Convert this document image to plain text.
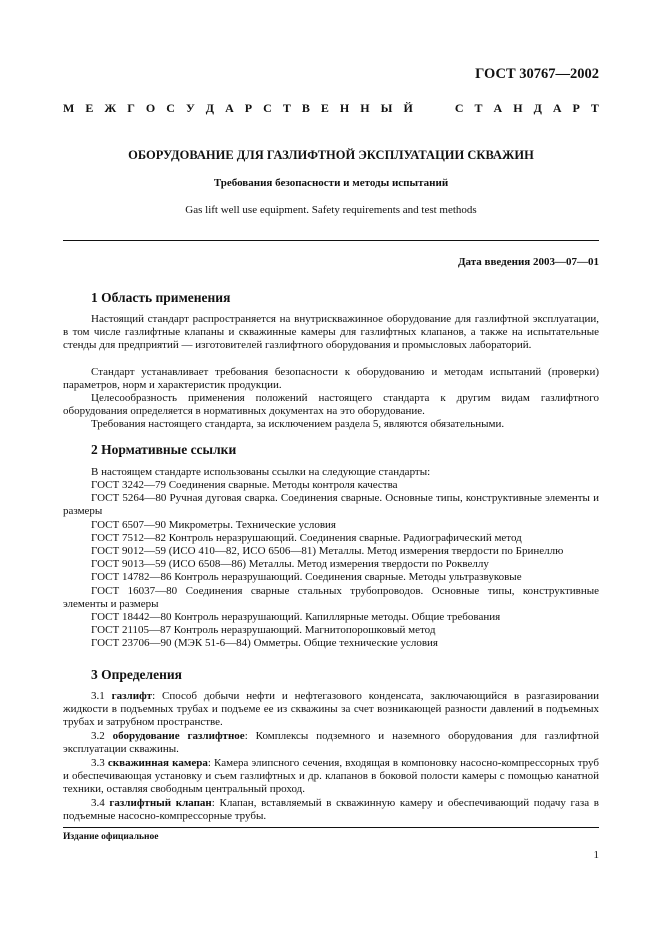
ГОСТ 30767—2002
М Е Ж Г О С У Д А Р С Т В Е Н Н Ы Й
	С Т А Н Д А Р Т
ОБОРУДОВАНИЕ ДЛЯ ГАЗЛИФТНОЙ ЭКСПЛУАТАЦИИ СКВАЖИН
Требования безопасности и методы испытаний
Gas lift well use equipment. Safety requirements and test methods
Дата введения 2003—07—01
1 Область применения

Настоящий стандарт распространяется на внутрискважинное оборудование для газлифтной эксплуатации, в том числе газлифтные клапаны и скважинные камеры для газлифтных клапанов, а также на испытательные стенды для предприятий — изготовителей газлифтного оборудования и промысловых лабораторий.

Стандарт устанавливает требования безопасности к оборудованию и методам испытаний (проверки) параметров, норм и характеристик продукции.

Целесообразность применения положений настоящего стандарта к другим видам газлифтного оборудования определяется в нормативных документах на это оборудование.

Требования настоящего стандарта, за исключением раздела 5, являются обязательными.

2 Нормативные ссылки

В настоящем стандарте использованы ссылки на следующие стандарты:

ГОСТ 3242—79 Соединения сварные. Методы контроля качества

ГОСТ 5264—80 Ручная дуговая сварка. Соединения сварные. Основные типы, конструктивные элементы и размеры

ГОСТ 6507—90 Микрометры. Технические условия

ГОСТ 7512—82 Контроль неразрушающий. Соединения сварные. Радиографический метод

ГОСТ 9012—59 (ИСО 410—82, ИСО 6506—81) Металлы. Метод измерения твердости по Бринеллю

ГОСТ 9013—59 (ИСО 6508—86) Металлы. Метод измерения твердости по Роквеллу

ГОСТ 14782—86 Контроль неразрушающий. Соединения сварные. Методы ультразвуковые

ГОСТ 16037—80 Соединения сварные стальных трубопроводов. Основные типы, конструктивные элементы и размеры

ГОСТ 18442—80 Контроль неразрушающий. Капиллярные методы. Общие требования

ГОСТ 21105—87 Контроль неразрушающий. Магнитопорошковый метод

ГОСТ 23706—90 (МЭК 51-6—84) Омметры. Общие технические условия

3 Определения

3.1 газлифт: Способ добычи нефти и нефтегазового конденсата, заключающийся в разгазировании жидкости в подъемных трубах и подъеме ее из скважины за счет возникающей разности давлений в подъемных трубах и затрубном пространстве.

3.2 оборудование газлифтное: Комплексы подземного и наземного оборудования для газлифтной эксплуатации скважины.

3.3 скважинная камера: Камера элипсного сечения, входящая в компоновку насосно-компрессорных труб и обеспечивающая установку и съем газлифтных и др. клапанов в боковой полости камеры с помощью канатной техники, оставляя свободным центральный проход.

3.4 газлифтный клапан: Клапан, вставляемый в скважинную камеру и обеспечивающий подачу газа в подъемные насосно-компрессорные трубы.

Издание официальное
1
